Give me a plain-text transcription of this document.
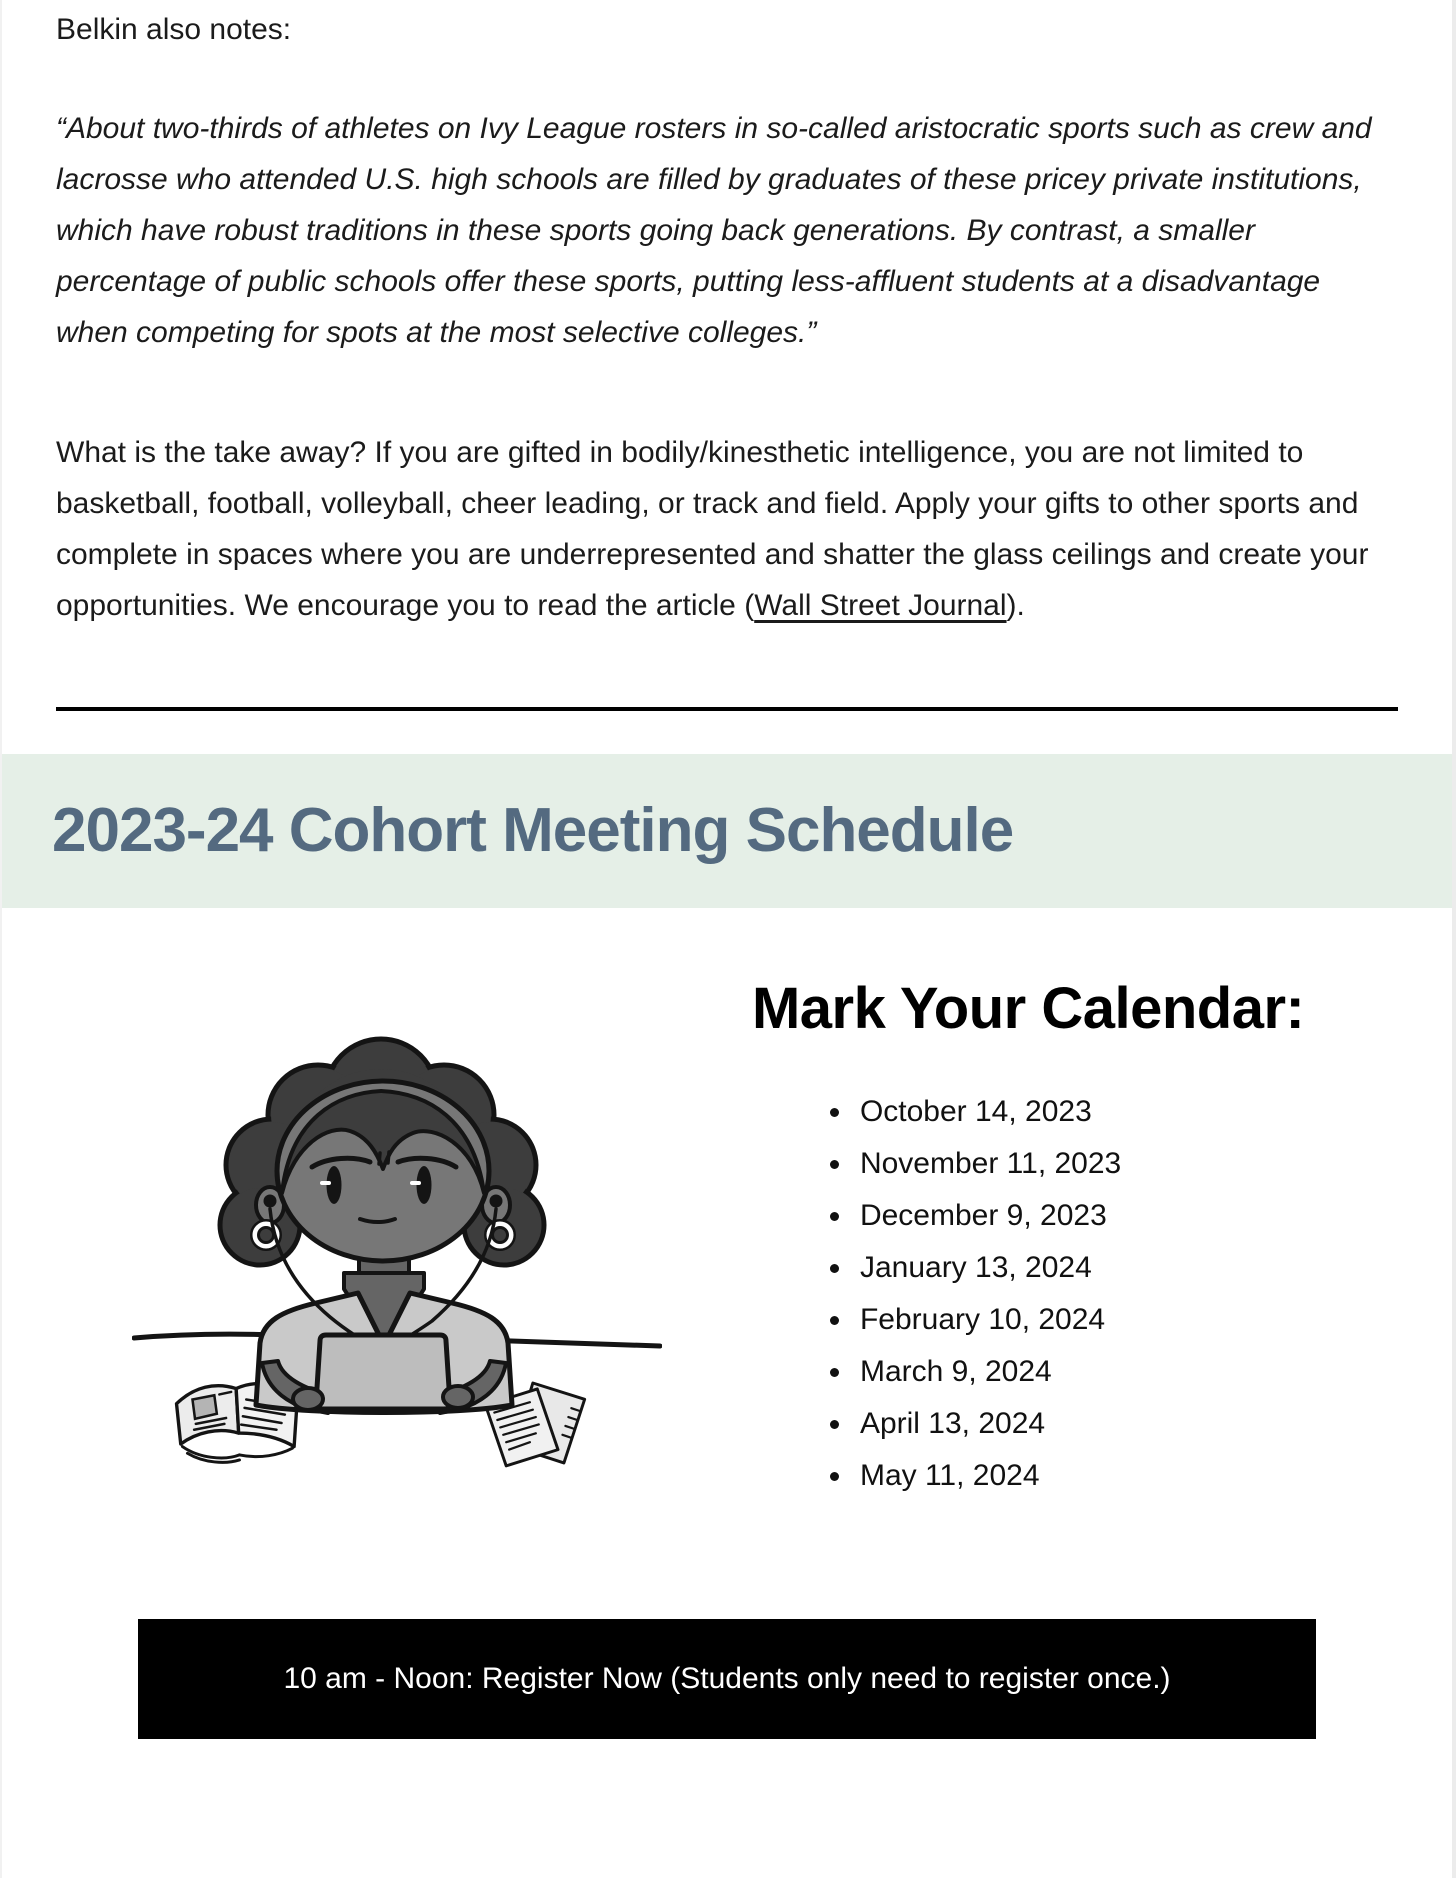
Belkin also notes:

“About two-thirds of athletes on Ivy League rosters in so-called aristocratic sports such as crew and lacrosse who attended U.S. high schools are filled by graduates of these pricey private institutions, which have robust traditions in these sports going back generations. By contrast, a smaller percentage of public schools offer these sports, putting less-affluent students at a disadvantage when competing for spots at the most selective colleges.”

What is the take away? If you are gifted in bodily/kinesthetic intelligence, you are not limited to basketball, football, volleyball, cheer leading, or track and field. Apply your gifts to other sports and complete in spaces where you are underrepresented and shatter the glass ceilings and create your opportunities. We encourage you to read the article (Wall Street Journal).

2023-24 Cohort Meeting Schedule
Mark Your Calendar:
• October 14, 2023
• November 11, 2023
• December 9, 2023
• January 13, 2024
• February 10, 2024
• March 9, 2024
• April 13, 2024
• May 11, 2024
10 am - Noon: Register Now (Students only need to register once.)
